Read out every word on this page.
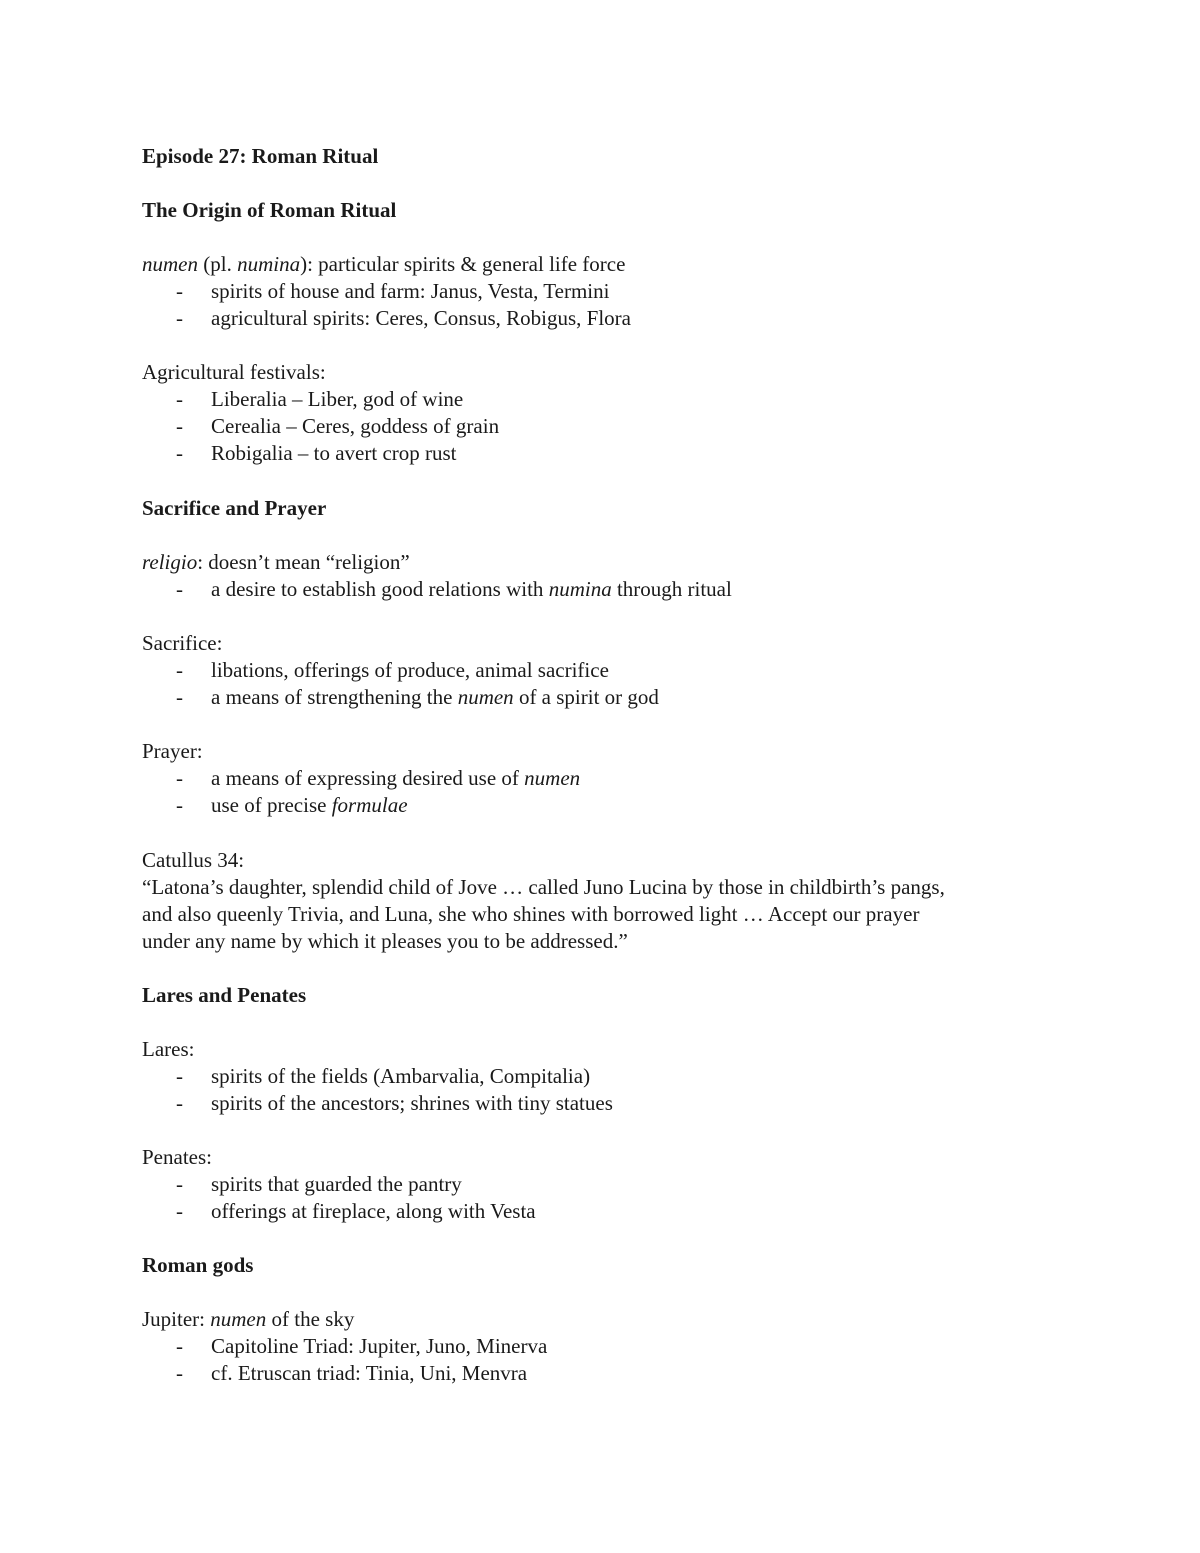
Episode 27: Roman Ritual
The Origin of Roman Ritual
numen (pl. numina): particular spirits & general life force
- spirits of house and farm: Janus, Vesta, Termini
- agricultural spirits: Ceres, Consus, Robigus, Flora
Agricultural festivals:
- Liberalia – Liber, god of wine
- Cerealia – Ceres, goddess of grain
- Robigalia – to avert crop rust
Sacrifice and Prayer
religio: doesn’t mean “religion”
- a desire to establish good relations with numina through ritual
Sacrifice:
- libations, offerings of produce, animal sacrifice
- a means of strengthening the numen of a spirit or god
Prayer:
- a means of expressing desired use of numen
- use of precise formulae
Catullus 34:
“Latona’s daughter, splendid child of Jove … called Juno Lucina by those in childbirth’s pangs,
and also queenly Trivia, and Luna, she who shines with borrowed light … Accept our prayer
under any name by which it pleases you to be addressed.”
Lares and Penates
Lares:
- spirits of the fields (Ambarvalia, Compitalia)
- spirits of the ancestors; shrines with tiny statues
Penates:
- spirits that guarded the pantry
- offerings at fireplace, along with Vesta
Roman gods
Jupiter: numen of the sky
- Capitoline Triad: Jupiter, Juno, Minerva
- cf. Etruscan triad: Tinia, Uni, Menvra
